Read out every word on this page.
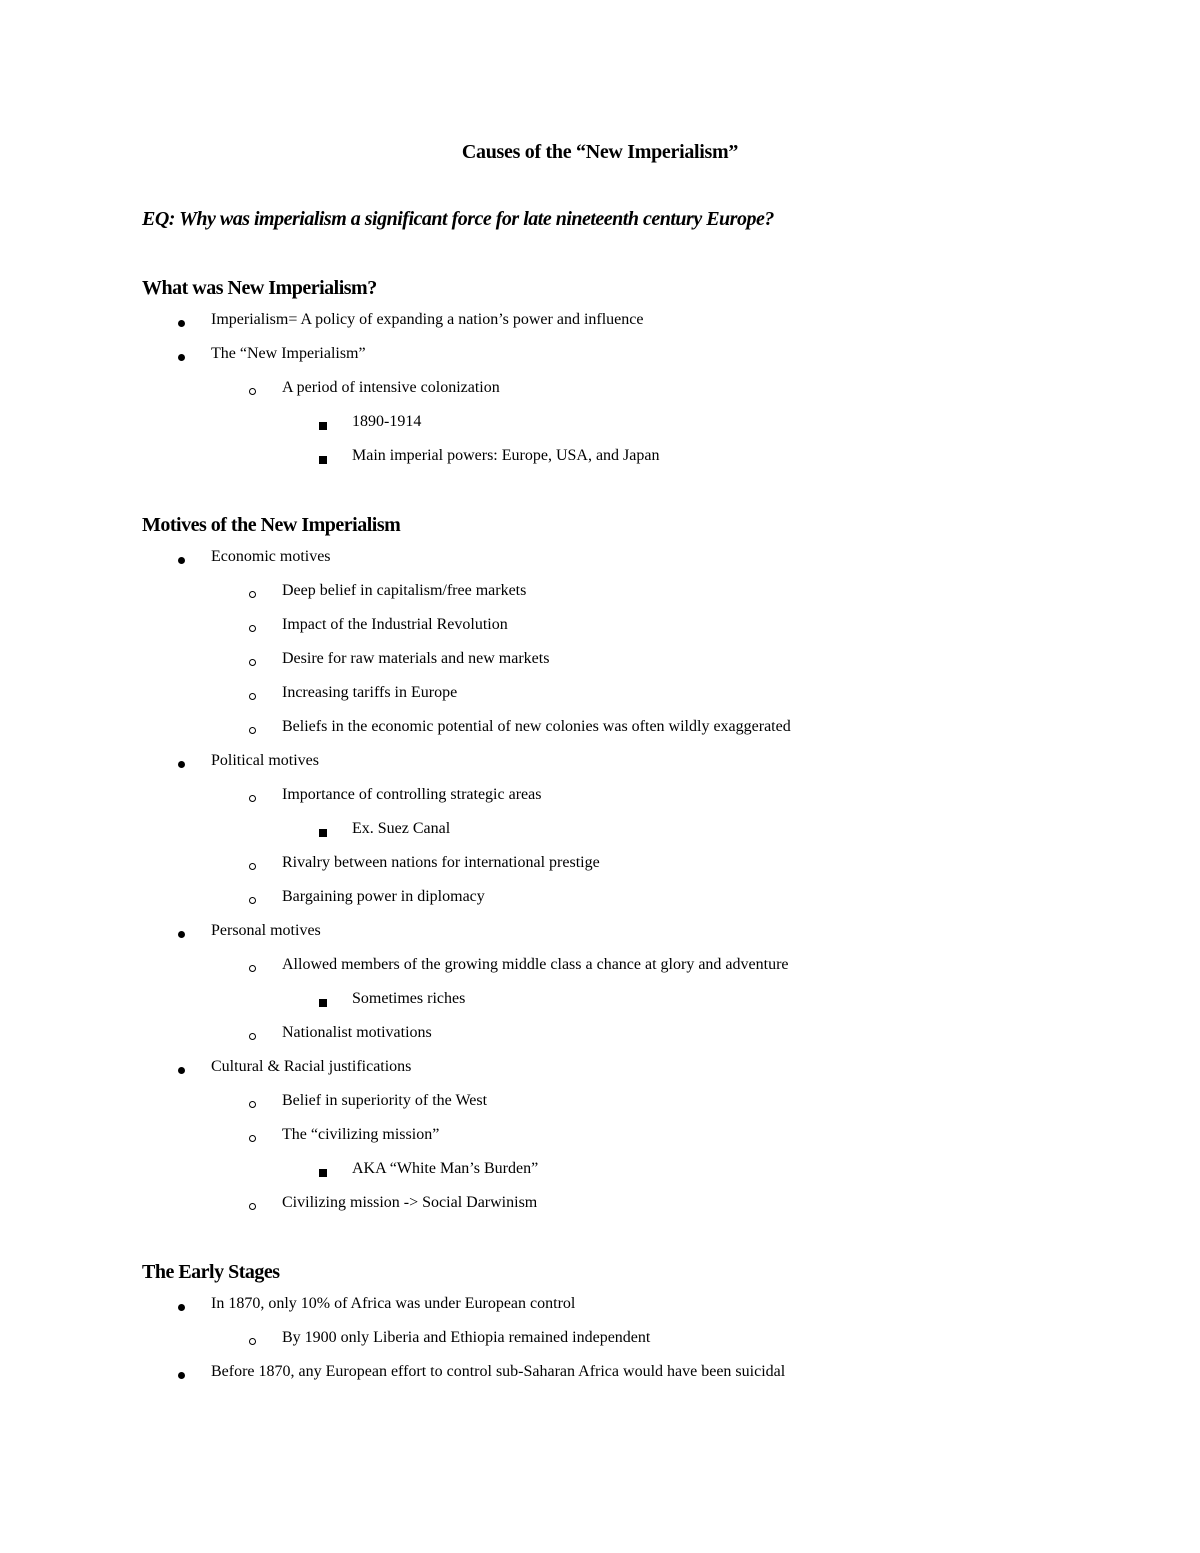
Causes of the “New Imperialism”
EQ: Why was imperialism a significant force for late nineteenth century Europe?
What was New Imperialism?
Imperialism= A policy of expanding a nation’s power and influence
The “New Imperialism”
A period of intensive colonization
1890-1914
Main imperial powers: Europe, USA, and Japan
Motives of the New Imperialism
Economic motives
Deep belief in capitalism/free markets
Impact of the Industrial Revolution
Desire for raw materials and new markets
Increasing tariffs in Europe
Beliefs in the economic potential of new colonies was often wildly exaggerated
Political motives
Importance of controlling strategic areas
Ex. Suez Canal
Rivalry between nations for international prestige
Bargaining power in diplomacy
Personal motives
Allowed members of the growing middle class a chance at glory and adventure
Sometimes riches
Nationalist motivations
Cultural & Racial justifications
Belief in superiority of the West
The “civilizing mission”
AKA “White Man’s Burden”
Civilizing mission -> Social Darwinism
The Early Stages
In 1870, only 10% of Africa was under European control
By 1900 only Liberia and Ethiopia remained independent
Before 1870, any European effort to control sub-Saharan Africa would have been suicidal
